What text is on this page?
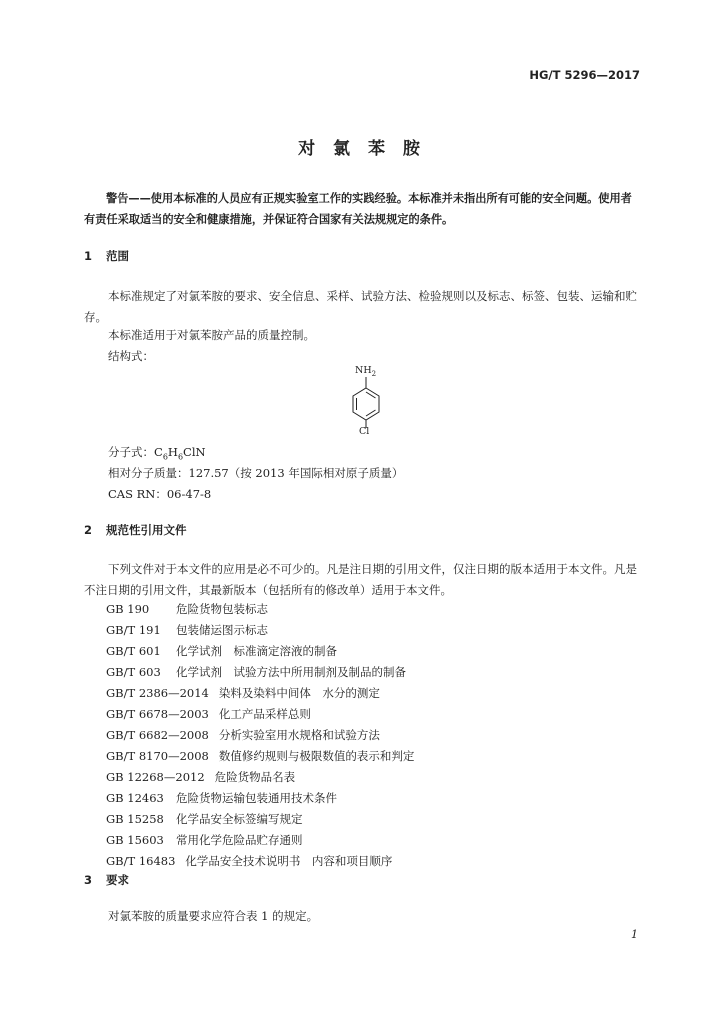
HG/T 5296—2017
对 氯 苯 胺
警告——使用本标准的人员应有正规实验室工作的实践经验。本标准并未指出所有可能的安全问题。使用者有责任采取适当的安全和健康措施，并保证符合国家有关法规规定的条件。
1 范围
本标准规定了对氯苯胺的要求、安全信息、采样、试验方法、检验规则以及标志、标签、包装、运输和贮存。
本标准适用于对氯苯胺产品的质量控制。
结构式：
$NH_2$
Cl
分子式：$C_6H_6ClN$
相对分子质量：127.57（按 2013 年国际相对原子质量）
CAS RN：06-47-8
2 规范性引用文件
下列文件对于本文件的应用是必不可少的。凡是注日期的引用文件，仅注日期的版本适用于本文件。凡是不注日期的引用文件，其最新版本（包括所有的修改单）适用于本文件。
GB 190 危险货物包装标志
GB/T 191 包装储运图示标志
GB/T 601 化学试剂　标准滴定溶液的制备
GB/T 603 化学试剂　试验方法中所用制剂及制品的制备
GB/T 2386—2014 染料及染料中间体　水分的测定
GB/T 6678—2003 化工产品采样总则
GB/T 6682—2008 分析实验室用水规格和试验方法
GB/T 8170—2008 数值修约规则与极限数值的表示和判定
GB 12268—2012 危险货物品名表
GB 12463 危险货物运输包装通用技术条件
GB 15258 化学品安全标签编写规定
GB 15603 常用化学危险品贮存通则
GB/T 16483 化学品安全技术说明书　内容和项目顺序
3 要求
对氯苯胺的质量要求应符合表 1 的规定。
1
